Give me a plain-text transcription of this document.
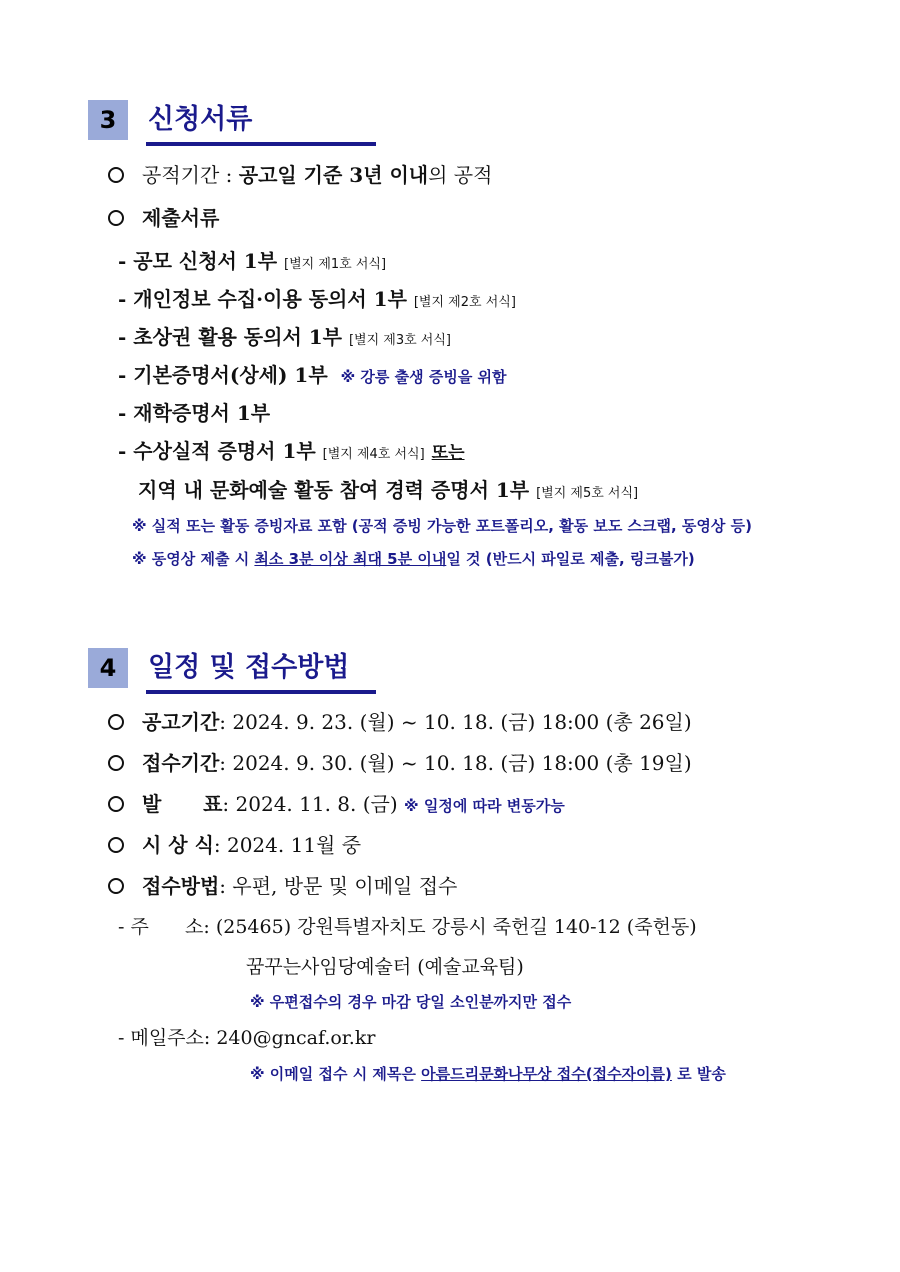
3	신청서류
공적기간 : 공고일 기준 3년 이내의 공적
제출서류
- 공모 신청서 1부 [별지 제1호 서식]
- 개인정보 수집·이용 동의서 1부 [별지 제2호 서식]
- 초상권 활용 동의서 1부 [별지 제3호 서식]
- 기본증명서(상세) 1부 ※ 강릉 출생 증빙을 위함
- 재학증명서 1부
- 수상실적 증명서 1부 [별지 제4호 서식] 또는
지역 내 문화예술 활동 참여 경력 증명서 1부 [별지 제5호 서식]
※ 실적 또는 활동 증빙자료 포함 (공적 증빙 가능한 포트폴리오, 활동 보도 스크랩, 동영상 등)
※ 동영상 제출 시 최소 3분 이상 최대 5분 이내일 것 (반드시 파일로 제출, 링크불가)
4	일정 및 접수방법
공고기간: 2024. 9. 23. (월) ~ 10. 18. (금) 18:00 (총 26일)
접수기간: 2024. 9. 30. (월) ~ 10. 18. (금) 18:00 (총 19일)
발      표: 2024. 11. 8. (금) ※ 일정에 따라 변동가능
시 상 식: 2024. 11월 중
접수방법: 우편, 방문 및 이메일 접수
- 주      소: (25465) 강원특별자치도 강릉시 죽헌길 140-12 (죽헌동)
꿈꾸는사임당예술터 (예술교육팀)
※ 우편접수의 경우 마감 당일 소인분까지만 접수
- 메일주소: 240@gncaf.or.kr
※ 이메일 접수 시 제목은 아름드리문화나무상 접수(접수자이름) 로 발송
